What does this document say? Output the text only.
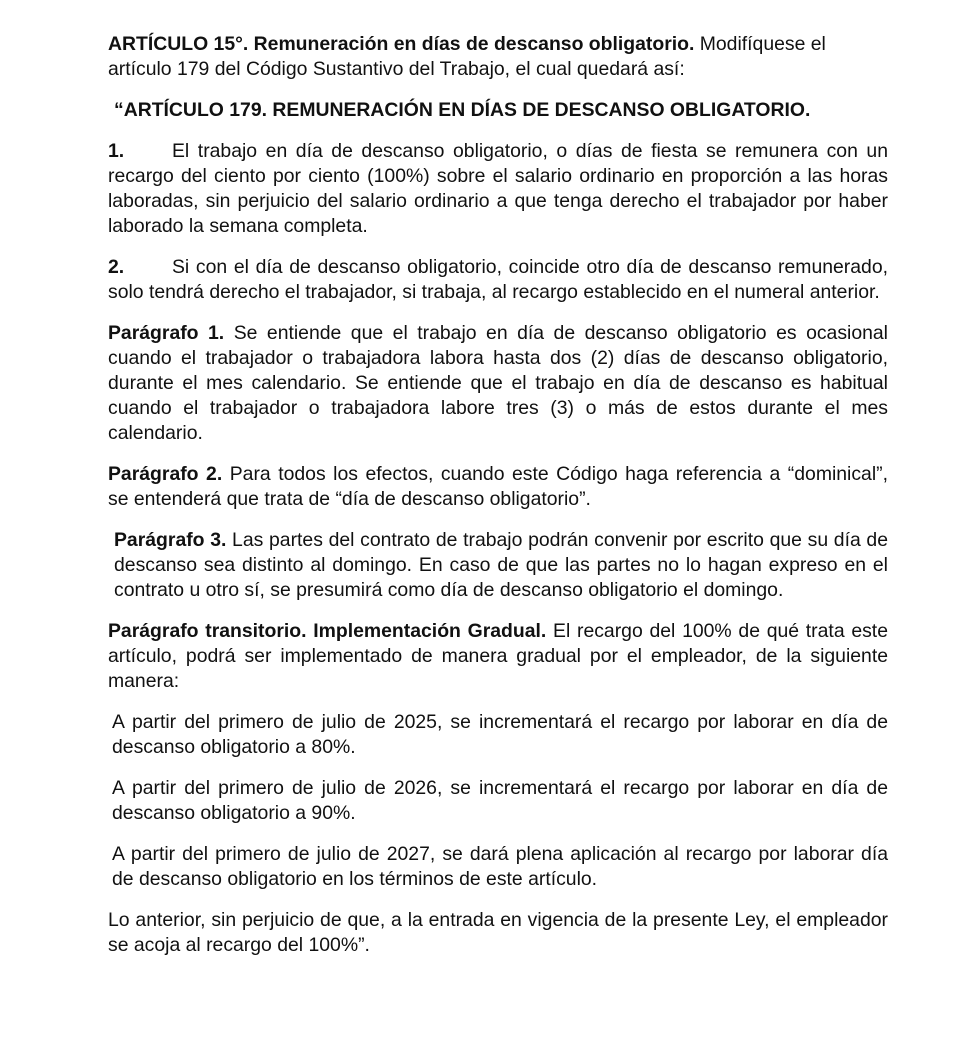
ARTÍCULO 15°. Remuneración en días de descanso obligatorio. Modifíquese el artículo 179 del Código Sustantivo del Trabajo, el cual quedará así:

“ARTÍCULO 179. REMUNERACIÓN EN DÍAS DE DESCANSO OBLIGATORIO.

1. El trabajo en día de descanso obligatorio, o días de fiesta se remunera con un recargo del ciento por ciento (100%) sobre el salario ordinario en proporción a las horas laboradas, sin perjuicio del salario ordinario a que tenga derecho el trabajador por haber laborado la semana completa.

2. Si con el día de descanso obligatorio, coincide otro día de descanso remunerado, solo tendrá derecho el trabajador, si trabaja, al recargo establecido en el numeral anterior.

Parágrafo 1. Se entiende que el trabajo en día de descanso obligatorio es ocasional cuando el trabajador o trabajadora labora hasta dos (2) días de descanso obligatorio, durante el mes calendario. Se entiende que el trabajo en día de descanso es habitual cuando el trabajador o trabajadora labore tres (3) o más de estos durante el mes calendario.

Parágrafo 2. Para todos los efectos, cuando este Código haga referencia a “dominical”, se entenderá que trata de “día de descanso obligatorio”.

Parágrafo 3. Las partes del contrato de trabajo podrán convenir por escrito que su día de descanso sea distinto al domingo. En caso de que las partes no lo hagan expreso en el contrato u otro sí, se presumirá como día de descanso obligatorio el domingo.

Parágrafo transitorio. Implementación Gradual. El recargo del 100% de qué trata este artículo, podrá ser implementado de manera gradual por el empleador, de la siguiente manera:

A partir del primero de julio de 2025, se incrementará el recargo por laborar en día de descanso obligatorio a 80%.

A partir del primero de julio de 2026, se incrementará el recargo por laborar en día de descanso obligatorio a 90%.

A partir del primero de julio de 2027, se dará plena aplicación al recargo por laborar día de descanso obligatorio en los términos de este artículo.

Lo anterior, sin perjuicio de que, a la entrada en vigencia de la presente Ley, el empleador se acoja al recargo del 100%”.
